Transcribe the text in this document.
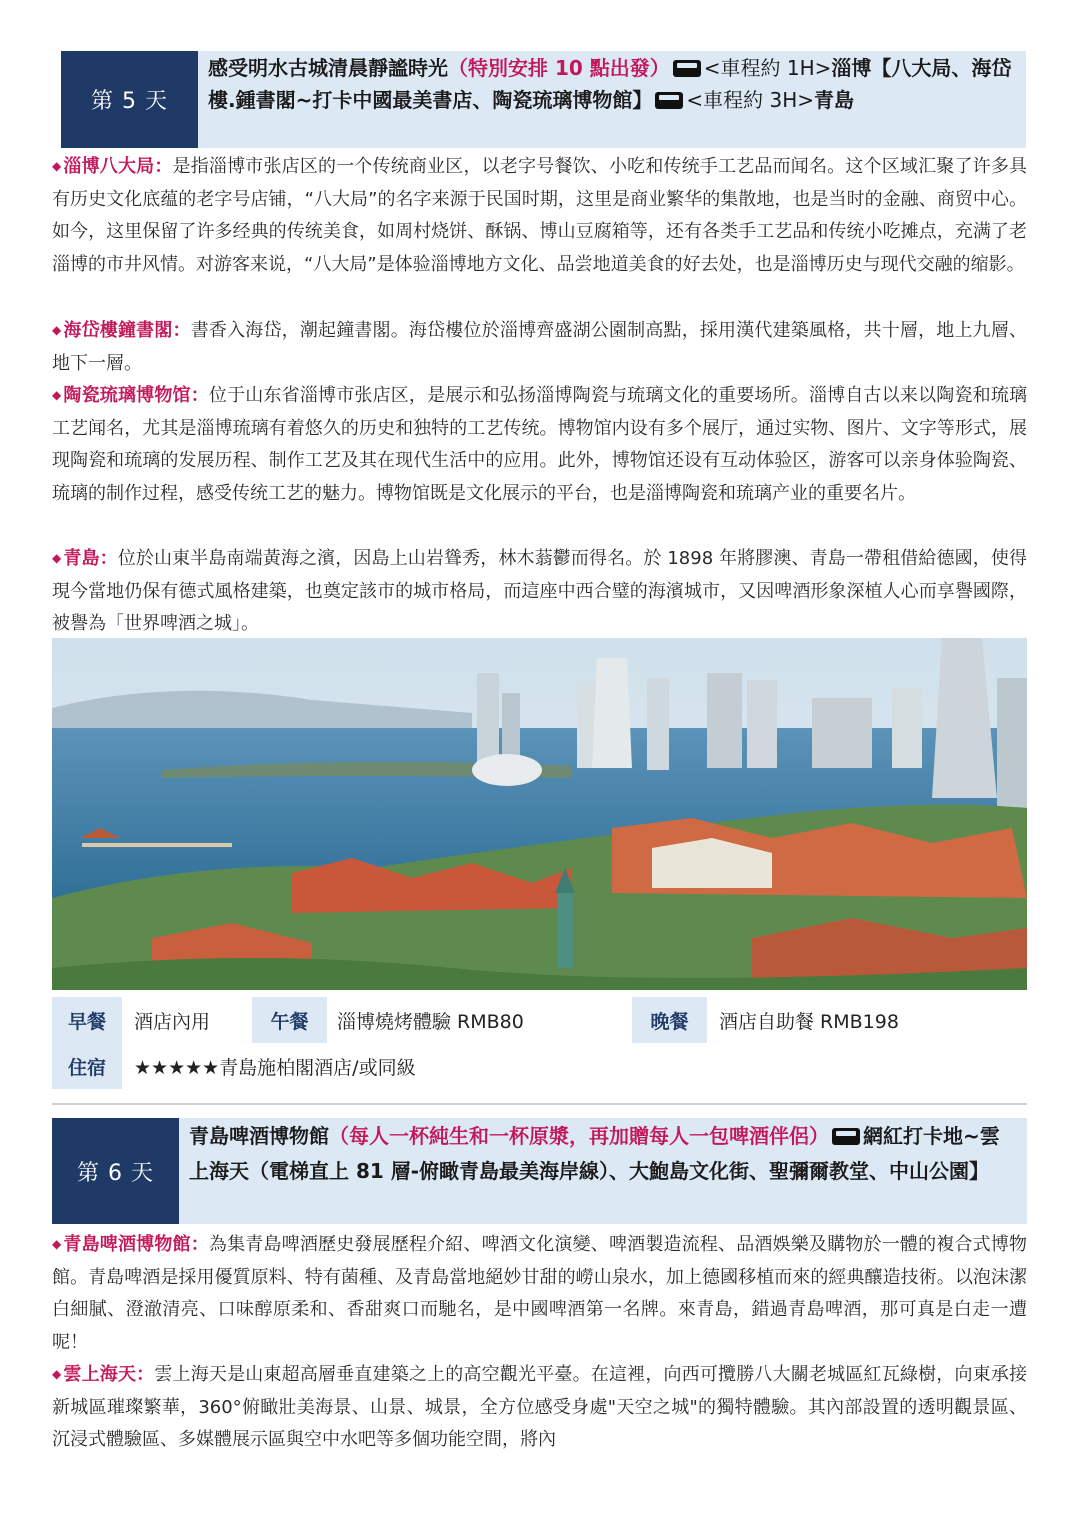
第 5 天
感受明水古城清晨靜謐時光（特別安排 10 點出發） <車程約 1H>淄博【八大局、海岱樓.鍾書閣~打卡中國最美書店、陶瓷琉璃博物館】 <車程約 3H>青島
◆ 淄博八大局：是指淄博市张店区的一个传统商业区，以老字号餐饮、小吃和传统手工艺品而闻名。这个区域汇聚了许多具有历史文化底蕴的老字号店铺，“八大局”的名字来源于民国时期，这里是商业繁华的集散地，也是当时的金融、商贸中心。如今，这里保留了许多经典的传统美食，如周村烧饼、酥锅、博山豆腐箱等，还有各类手工艺品和传统小吃摊点，充满了老淄博的市井风情。对游客来说，“八大局”是体验淄博地方文化、品尝地道美食的好去处，也是淄博历史与现代交融的缩影。
◆ 海岱樓鐘書閣：書香入海岱，潮起鐘書閣。海岱樓位於淄博齊盛湖公園制高點，採用漢代建築風格，共十層，地上九層、地下一層。
◆ 陶瓷琉璃博物馆：位于山东省淄博市张店区，是展示和弘扬淄博陶瓷与琉璃文化的重要场所。淄博自古以来以陶瓷和琉璃工艺闻名，尤其是淄博琉璃有着悠久的历史和独特的工艺传统。博物馆内设有多个展厅，通过实物、图片、文字等形式，展现陶瓷和琉璃的发展历程、制作工艺及其在现代生活中的应用。此外，博物馆还设有互动体验区，游客可以亲身体验陶瓷、琉璃的制作过程，感受传统工艺的魅力。博物馆既是文化展示的平台，也是淄博陶瓷和琉璃产业的重要名片。
◆ 青島：位於山東半島南端黃海之濱，因島上山岩聳秀，林木蓊鬱而得名。於 1898 年將膠澳、青島一帶租借給德國，使得現今當地仍保有德式風格建築，也奠定該市的城市格局，而這座中西合璧的海濱城市，又因啤酒形象深植人心而享譽國際，被譽為「世界啤酒之城」。
早餐	酒店內用	午餐	淄博燒烤體驗 RMB80	晚餐	酒店自助餐 RMB198
住宿	★★★★★青島施柏閣酒店/或同級
第 6 天
青島啤酒博物館（每人一杯純生和一杯原漿，再加贈每人一包啤酒伴侶） 網紅打卡地~雲上海天（電梯直上 81 層-俯瞰青島最美海岸線）、大鮑島文化街、聖彌爾教堂、中山公園】
◆ 青島啤酒博物館：為集青島啤酒歷史發展歷程介紹、啤酒文化演變、啤酒製造流程、品酒娛樂及購物於一體的複合式博物館。青島啤酒是採用優質原料、特有菌種、及青島當地絕妙甘甜的嶗山泉水，加上德國移植而來的經典釀造技術。以泡沫潔白細膩、澄澈清亮、口味醇原柔和、香甜爽口而馳名，是中國啤酒第一名牌。來青島，錯過青島啤酒，那可真是白走一遭呢！
◆ 雲上海天：雲上海天是山東超高層垂直建築之上的高空觀光平臺。在這裡，向西可攬勝八大關老城區紅瓦綠樹，向東承接新城區璀璨繁華，360°俯瞰壯美海景、山景、城景，全方位感受身處"天空之城"的獨特體驗。其內部設置的透明觀景區、沉浸式體驗區、多媒體展示區與空中水吧等多個功能空間，將內
